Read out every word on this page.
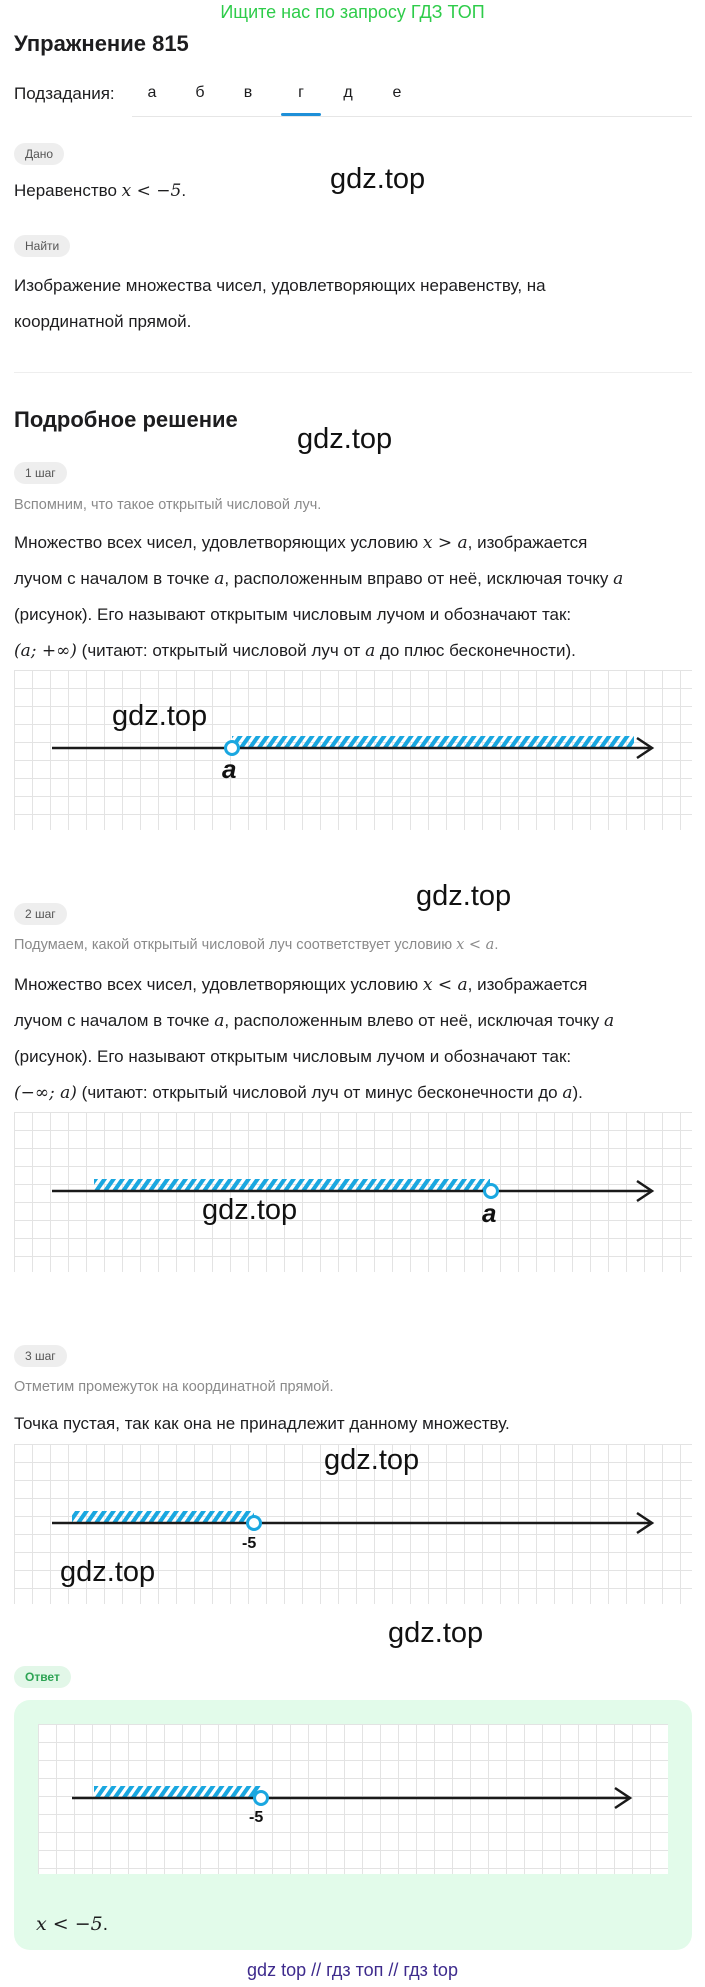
Ищите нас по запросу ГДЗ ТОП
Упражнение 815
Подзадания:	а	б	в	г	д	е
Дано
Неравенство x < −5.	gdz.top
Найти
Изображение множества чисел, удовлетворяющих неравенству, на
координатной прямой.
Подробное решение
gdz.top
1 шаг
Вспомним, что такое открытый числовой луч.
Множество всех чисел, удовлетворяющих условию x > a, изображается
лучом с началом в точке a, расположенным вправо от неё, исключая точку a
(рисунок). Его называют открытым числовым лучом и обозначают так:
(a; +∞) (читают: открытый числовой луч от a до плюс бесконечности).
a
gdz.top
gdz.top
2 шаг
Подумаем, какой открытый числовой луч соответствует условию x < a.
Множество всех чисел, удовлетворяющих условию x < a, изображается
лучом с началом в точке a, расположенным влево от неё, исключая точку a
(рисунок). Его называют открытым числовым лучом и обозначают так:
(−∞; a) (читают: открытый числовой луч от минус бесконечности до a).
a
gdz.top
3 шаг
Отметим промежуток на координатной прямой.
Точка пустая, так как она не принадлежит данному множеству.
-5
gdz.top
gdz.top
gdz.top
Ответ
-5
x < −5.
gdz top // гдз топ // гдз top
